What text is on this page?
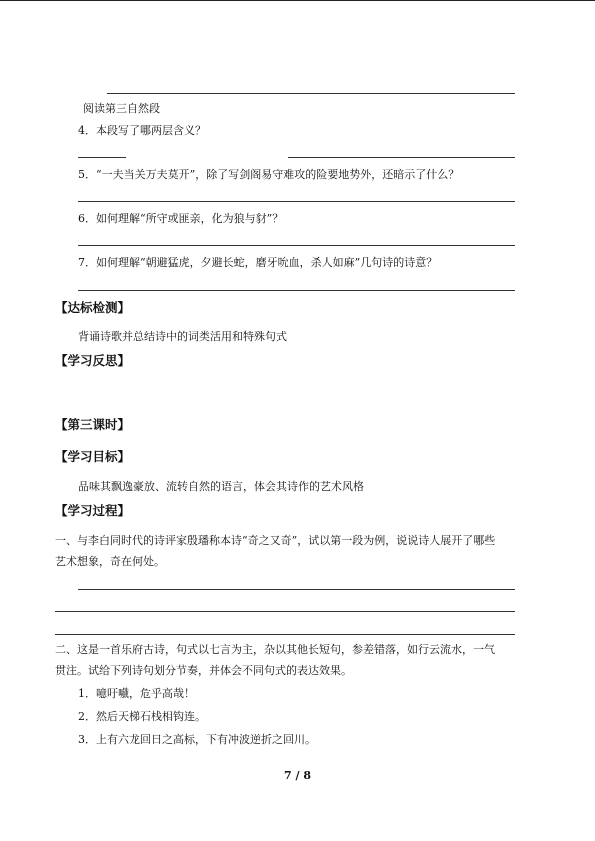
阅读第三自然段
4．本段写了哪两层含义？
5．“一夫当关万夫莫开”，除了写剑阁易守难攻的险要地势外，还暗示了什么？
6．如何理解“所守或匪亲，化为狼与豺”？
7．如何理解“朝避猛虎，夕避长蛇，磨牙吮血，杀人如麻”几句诗的诗意？
【达标检测】
背诵诗歌并总结诗中的词类活用和特殊句式
【学习反思】
【第三课时】
【学习目标】
品味其飘逸豪放、流转自然的语言，体会其诗作的艺术风格
【学习过程】
一、与李白同时代的诗评家殷璠称本诗“奇之又奇”，试以第一段为例，说说诗人展开了哪些
艺术想象，奇在何处。
二、这是一首乐府古诗，句式以七言为主，杂以其他长短句，参差错落，如行云流水，一气
贯注。试给下列诗句划分节奏，并体会不同句式的表达效果。
1．噫吁嚱，危乎高哉！
2．然后天梯石栈相钩连。
3．上有六龙回日之高标，下有冲波逆折之回川。
7 / 8
